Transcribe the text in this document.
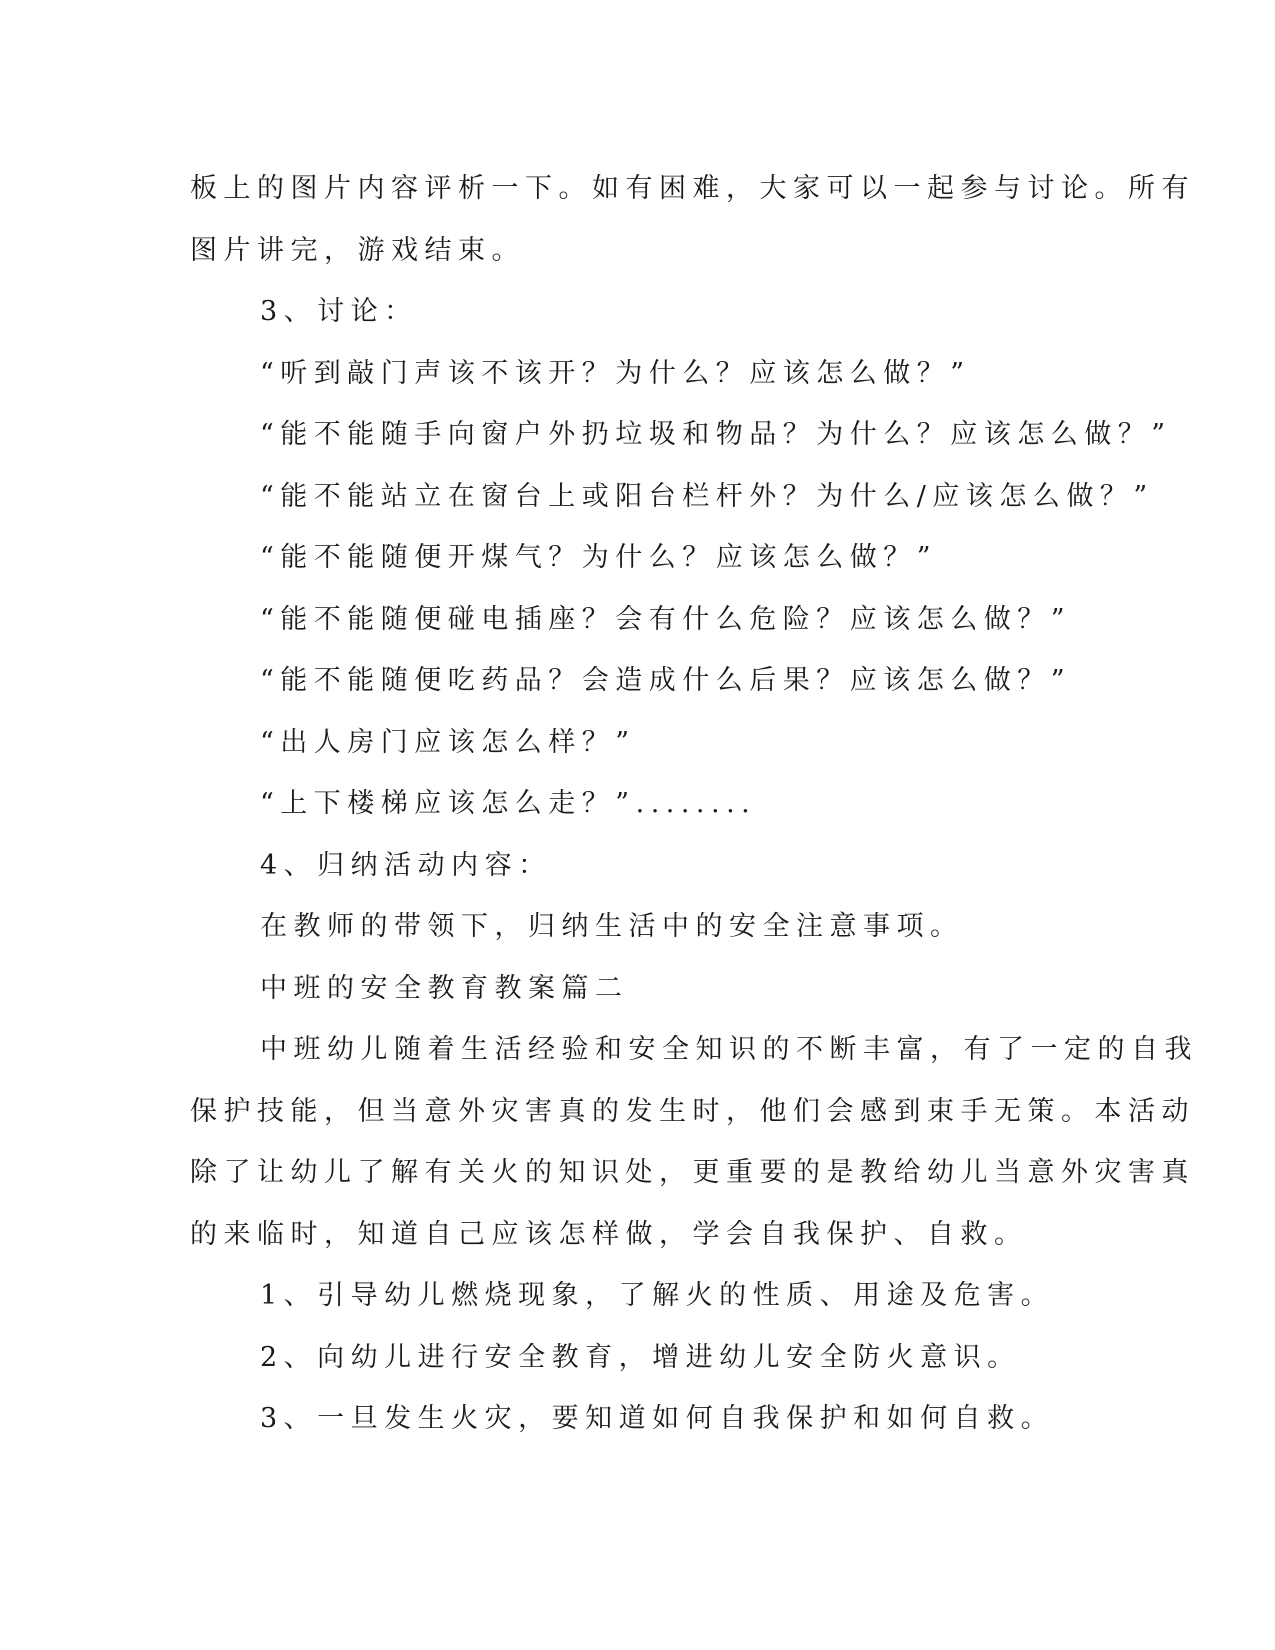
板上的图片内容评析一下。如有困难，大家可以一起参与讨论。所有
图片讲完，游戏结束。
3、讨论：
“听到敲门声该不该开？为什么？应该怎么做？”
“能不能随手向窗户外扔垃圾和物品？为什么？应该怎么做？”
“能不能站立在窗台上或阳台栏杆外？为什么/应该怎么做？”
“能不能随便开煤气？为什么？应该怎么做？”
“能不能随便碰电插座？会有什么危险？应该怎么做？”
“能不能随便吃药品？会造成什么后果？应该怎么做？”
“出人房门应该怎么样？”
“上下楼梯应该怎么走？”........
4、归纳活动内容：
在教师的带领下，归纳生活中的安全注意事项。
中班的安全教育教案篇二
中班幼儿随着生活经验和安全知识的不断丰富，有了一定的自我
保护技能，但当意外灾害真的发生时，他们会感到束手无策。本活动
除了让幼儿了解有关火的知识处，更重要的是教给幼儿当意外灾害真
的来临时，知道自己应该怎样做，学会自我保护、自救。
1、引导幼儿燃烧现象，了解火的性质、用途及危害。
2、向幼儿进行安全教育，增进幼儿安全防火意识。
3、一旦发生火灾，要知道如何自我保护和如何自救。
